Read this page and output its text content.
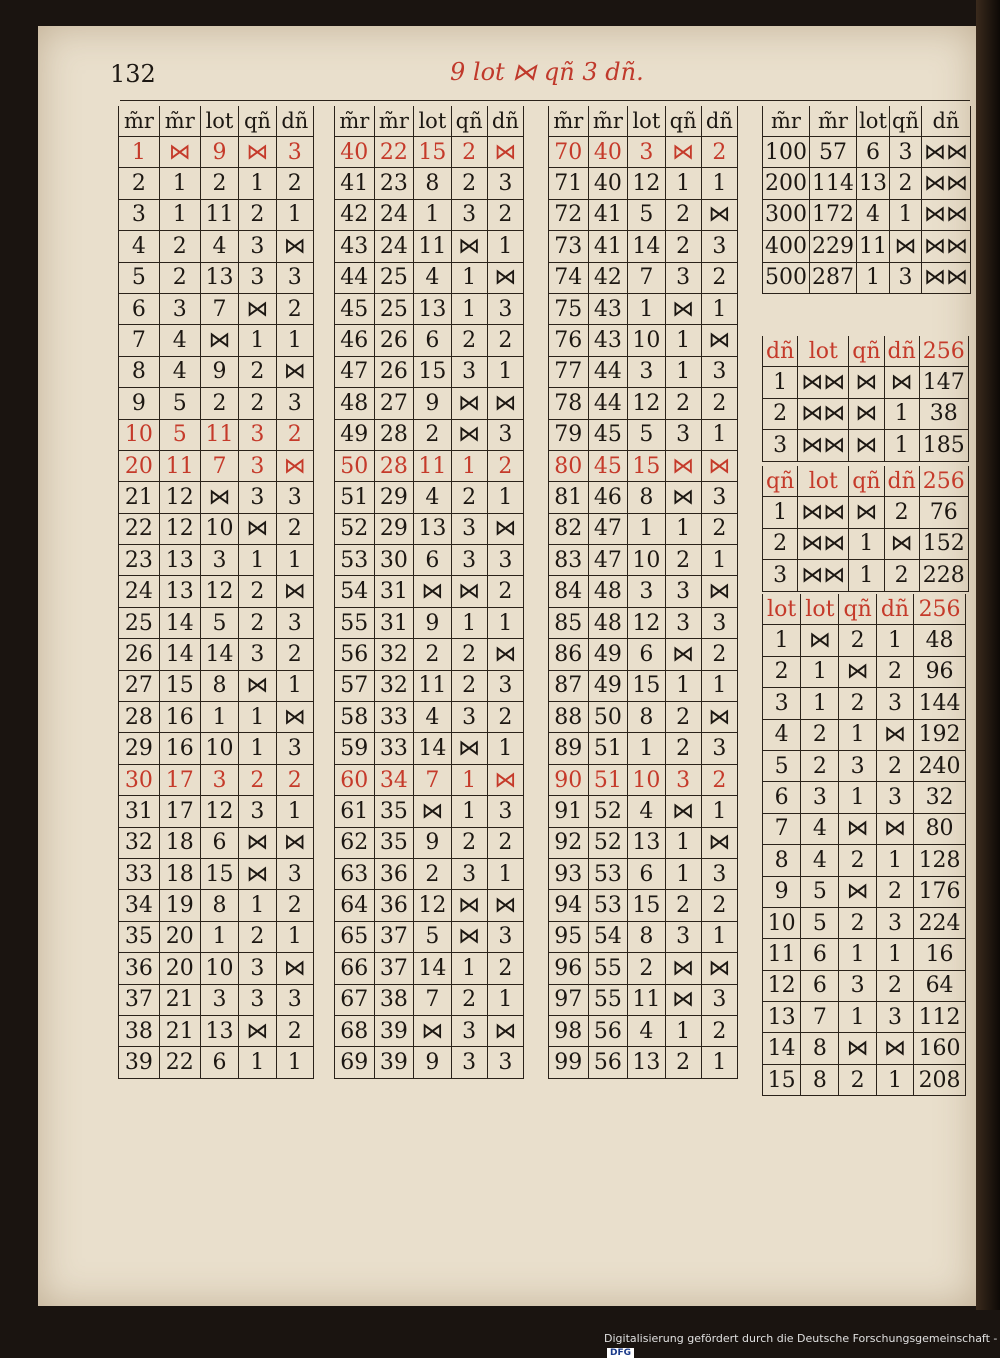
132	9 lot ⋈ qñ 3 dñ.
m̃r	m̃r	lot	qñ	dñ
1	⋈	9	⋈	3
2	1	2	1	2
3	1	11	2	1
4	2	4	3	⋈
5	2	13	3	3
6	3	7	⋈	2
7	4	⋈	1	1
8	4	9	2	⋈
9	5	2	2	3
10	5	11	3	2
20	11	7	3	⋈
21	12	⋈	3	3
22	12	10	⋈	2
23	13	3	1	1
24	13	12	2	⋈
25	14	5	2	3
26	14	14	3	2
27	15	8	⋈	1
28	16	1	1	⋈
29	16	10	1	3
30	17	3	2	2
31	17	12	3	1
32	18	6	⋈	⋈
33	18	15	⋈	3
34	19	8	1	2
35	20	1	2	1
36	20	10	3	⋈
37	21	3	3	3
38	21	13	⋈	2
39	22	6	1	1
m̃r	m̃r	lot	qñ	dñ
40	22	15	2	⋈
41	23	8	2	3
42	24	1	3	2
43	24	11	⋈	1
44	25	4	1	⋈
45	25	13	1	3
46	26	6	2	2
47	26	15	3	1
48	27	9	⋈	⋈
49	28	2	⋈	3
50	28	11	1	2
51	29	4	2	1
52	29	13	3	⋈
53	30	6	3	3
54	31	⋈	⋈	2
55	31	9	1	1
56	32	2	2	⋈
57	32	11	2	3
58	33	4	3	2
59	33	14	⋈	1
60	34	7	1	⋈
61	35	⋈	1	3
62	35	9	2	2
63	36	2	3	1
64	36	12	⋈	⋈
65	37	5	⋈	3
66	37	14	1	2
67	38	7	2	1
68	39	⋈	3	⋈
69	39	9	3	3
m̃r	m̃r	lot	qñ	dñ
70	40	3	⋈	2
71	40	12	1	1
72	41	5	2	⋈
73	41	14	2	3
74	42	7	3	2
75	43	1	⋈	1
76	43	10	1	⋈
77	44	3	1	3
78	44	12	2	2
79	45	5	3	1
80	45	15	⋈	⋈
81	46	8	⋈	3
82	47	1	1	2
83	47	10	2	1
84	48	3	3	⋈
85	48	12	3	3
86	49	6	⋈	2
87	49	15	1	1
88	50	8	2	⋈
89	51	1	2	3
90	51	10	3	2
91	52	4	⋈	1
92	52	13	1	⋈
93	53	6	1	3
94	53	15	2	2
95	54	8	3	1
96	55	2	⋈	⋈
97	55	11	⋈	3
98	56	4	1	2
99	56	13	2	1
m̃r	m̃r	lot	qñ	dñ
100	57	6	3	⋈⋈
200	114	13	2	⋈⋈
300	172	4	1	⋈⋈
400	229	11	⋈	⋈⋈
500	287	1	3	⋈⋈
dñ	lot	qñ	dñ	256
1	⋈⋈	⋈	⋈	147
2	⋈⋈	⋈	1	38
3	⋈⋈	⋈	1	185
qñ	lot	qñ	dñ	256
1	⋈⋈	⋈	2	76
2	⋈⋈	1	⋈	152
3	⋈⋈	1	2	228
lot	lot	qñ	dñ	256
1	⋈	2	1	48
2	1	⋈	2	96
3	1	2	3	144
4	2	1	⋈	192
5	2	3	2	240
6	3	1	3	32
7	4	⋈	⋈	80
8	4	2	1	128
9	5	⋈	2	176
10	5	2	3	224
11	6	1	1	16
12	6	3	2	64
13	7	1	3	112
14	8	⋈	⋈	160
15	8	2	1	208
Digitalisierung gefördert durch die Deutsche Forschungsgemeinschaft -DFG
